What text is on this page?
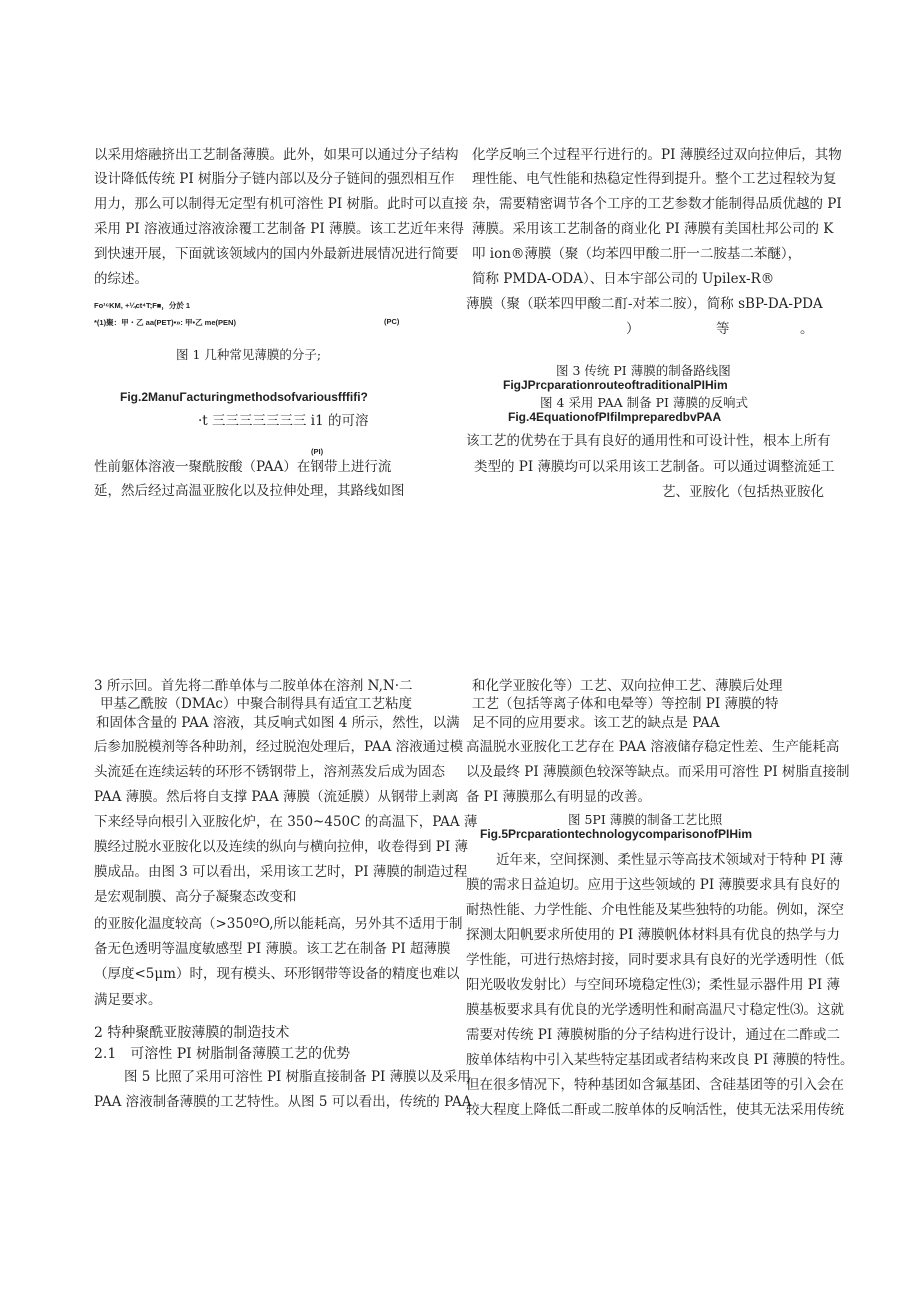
以采用熔融挤出工艺制备薄膜。此外，如果可以通过分子结构
设计降低传统 PI 树脂分子链内部以及分子链间的强烈相互作
用力，那么可以制得无定型有机可溶性 PI 树脂。此时可以直接
采用 PI 溶液通过溶液涂覆工艺制备 PI 薄膜。该工艺近年来得
到快速开展，下面就该领域内的国内外最新进展情况进行简要
的综述。
Fo¹⁶KM, +¼ct⁴T;F■，分於 1
*(1)聚：甲・乙 aa(PET)•»: 甲•乙 me(PEN)	(PC)
图 1 几种常见薄膜的分子;
Fig.2ManuΓacturingmethodsofvariousfffifi?
·t 三三三三三三三 i1 的可溶
(PI)
性前躯体溶液一聚酰胺酸（PAA）在钢带上进行流
延，然后经过高温亚胺化以及拉伸处理，其路线如图
化学反响三个过程平行进行的。PI 薄膜经过双向拉伸后，其物
理性能、电气性能和热稳定性得到提升。整个工艺过程较为复
杂，需要精密调节各个工序的工艺参数才能制得品质优越的 PI
薄膜。采用该工艺制备的商业化 PI 薄膜有美国杜邦公司的 K
叩 ion®薄膜（聚（均苯四甲酸二肝一二胺基二苯醚），
简称 PMDA-ODA）、日本宇部公司的 Upilex-R®
薄膜（聚（联苯四甲酸二酊-对苯二胺），简称 sBP-DA-PDA
）	等	。
图 3 传统 PI 薄膜的制备路线图
FigJPrcparationrouteoftraditionalPIHim
图 4 采用 PAA 制备 PI 薄膜的反响式
Fig.4EquationofPIfilmpreparedbvPAA
该工艺的优势在于具有良好的通用性和可设计性，根本上所有
类型的 PI 薄膜均可以采用该工艺制备。可以通过调整流延工
艺、亚胺化（包括热亚胺化
3 所示回。首先将二酢单体与二胺单体在溶剂 N,N·二
甲基乙酰胺（DMAc）中聚合制得具有适宜工艺粘度
和固体含量的 PAA 溶液，其反响式如图 4 所示，然性，以满
后参加脱模剂等各种助剂，经过脱泡处理后，PAA 溶液通过模
头流延在连续运转的环形不锈钢带上，溶剂蒸发后成为固态
PAA 薄膜。然后将自支撑 PAA 薄膜（流延膜）从钢带上剥离
下来经导向根引入亚胺化炉，在 350~450C 的高温下，PAA 薄
膜经过脱水亚胺化以及连续的纵向与横向拉伸，收卷得到 PI 薄
膜成品。由图 3 可以看出，采用该工艺时，PI 薄膜的制造过程
是宏观制膜、高分子凝聚态改变和
的亚胺化温度较高（>350ºO,所以能耗高，另外其不适用于制
备无色透明等温度敏感型 PI 薄膜。该工艺在制备 PI 超薄膜
（厚度<5μm）时，现有模头、环形钢带等设备的精度也难以
满足要求。
2 特种聚酰亚胺薄膜的制造技术
2.1　可溶性 PI 树脂制备薄膜工艺的优势
图 5 比照了采用可溶性 PI 树脂直接制备 PI 薄膜以及采用
PAA 溶液制备薄膜的工艺特性。从图 5 可以看出，传统的 PAA
和化学亚胺化等）工艺、双向拉伸工艺、薄膜后处理
工艺（包括等离子体和电晕等）等控制 PI 薄膜的特
足不同的应用要求。该工艺的缺点是 PAA
高温脱水亚胺化工艺存在 PAA 溶液储存稳定性差、生产能耗高
以及最终 PI 薄膜颜色较深等缺点。而采用可溶性 PI 树脂直接制
备 PI 薄膜那么有明显的改善。
图 5PI 薄膜的制备工艺比照
Fig.5PrcparationtechnologycomparisonofPIHim
近年来，空间探测、柔性显示等高技术领域对于特种 PI 薄
膜的需求日益迫切。应用于这些领域的 PI 薄膜要求具有良好的
耐热性能、力学性能、介电性能及某些独特的功能。例如，深空
探测太阳帆要求所使用的 PI 薄膜帆体材料具有优良的热学与力
学性能，可进行热熔封接，同时要求具有良好的光学透明性（低
阳光吸收发射比）与空间环境稳定性⑶；柔性显示器件用 PI 薄
膜基板要求具有优良的光学透明性和耐高温尺寸稳定性⑶。这就
需要对传统 PI 薄膜树脂的分子结构进行设计，通过在二酢或二
胺单体结构中引入某些特定基团或者结构来改良 PI 薄膜的特性。
但在很多情况下，特种基团如含氟基团、含硅基团等的引入会在
较大程度上降低二酐或二胺单体的反响活性，使其无法采用传统
